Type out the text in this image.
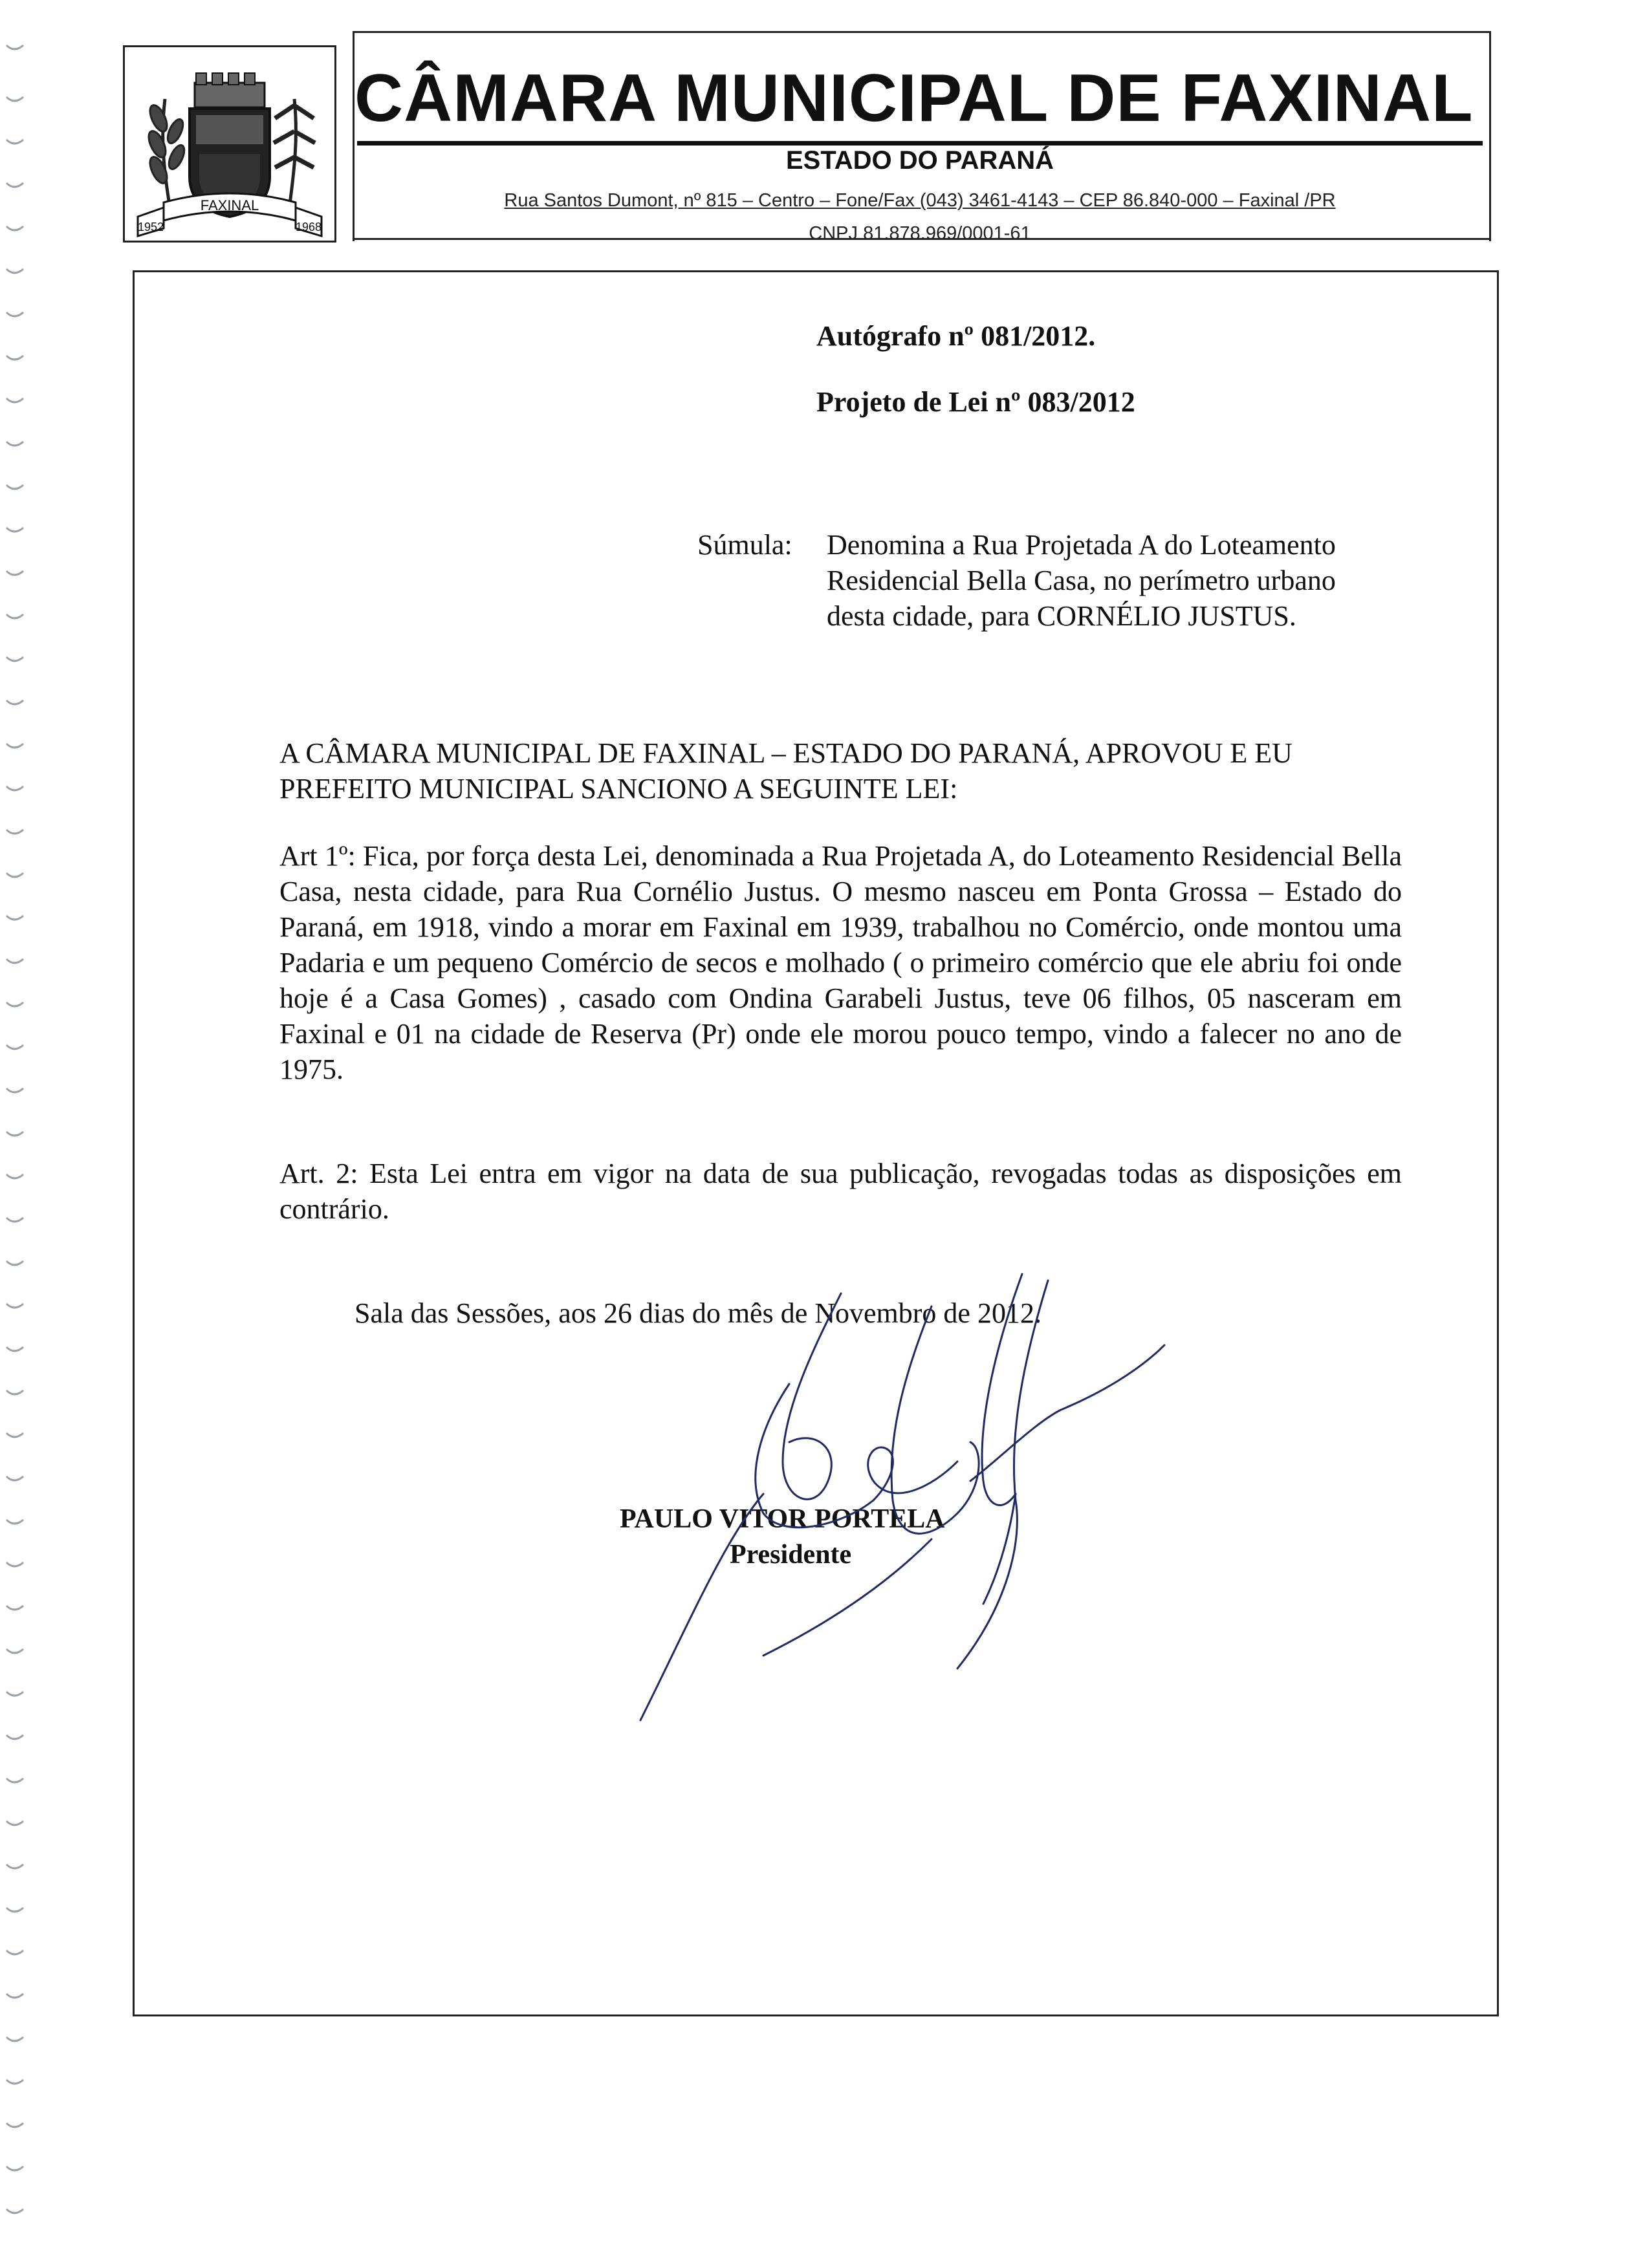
FAXINAL
1952	1968
CÂMARA MUNICIPAL DE FAXINAL
ESTADO DO PARANÁ
Rua Santos Dumont, nº 815 – Centro – Fone/Fax (043) 3461-4143 – CEP 86.840-000 – Faxinal /PR
CNPJ 81.878.969/0001-61
Autógrafo nº 081/2012.
Projeto de Lei nº 083/2012
Súmula: Denomina a Rua Projetada A do Loteamento Residencial Bella Casa, no perímetro urbano desta cidade, para CORNÉLIO JUSTUS.
A CÂMARA MUNICIPAL DE FAXINAL – ESTADO DO PARANÁ, APROVOU E EU PREFEITO MUNICIPAL SANCIONO A SEGUINTE LEI:
Art 1º: Fica, por força desta Lei, denominada a Rua Projetada A, do Loteamento Residencial Bella Casa, nesta cidade, para Rua Cornélio Justus. O mesmo nasceu em Ponta Grossa – Estado do Paraná, em 1918, vindo a morar em Faxinal em 1939, trabalhou no Comércio, onde montou uma Padaria e um pequeno Comércio de secos e molhado ( o primeiro comércio que ele abriu foi onde hoje é a Casa Gomes) , casado com Ondina Garabeli Justus, teve 06 filhos, 05 nasceram em Faxinal e 01 na cidade de Reserva (Pr) onde ele morou pouco tempo, vindo a falecer no ano de 1975.
Art. 2: Esta Lei entra em vigor na data de sua publicação, revogadas todas as disposições em contrário.
Sala das Sessões, aos 26 dias do mês de Novembro de 2012.
PAULO VITOR PORTELA
Presidente
